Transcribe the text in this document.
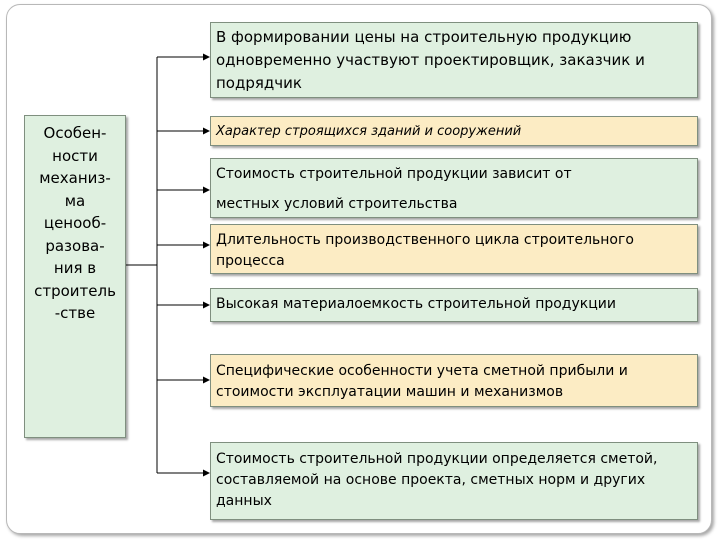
Особен-
ности
механиз-
ма
ценооб-
разова-
ния в
строитель
-стве
В формировании цены на строительную продукцию одновременно участвуют проектировщик, заказчик и подрядчик
Характер строящихся зданий и сооружений
Стоимость строительной продукции зависит от
местных условий строительства
Длительность производственного цикла строительного процесса
Высокая материалоемкость строительной продукции
Специфические особенности учета сметной прибыли и стоимости эксплуатации машин и механизмов
Стоимость строительной продукции определяется сметой, составляемой на основе проекта, сметных норм и других данных
